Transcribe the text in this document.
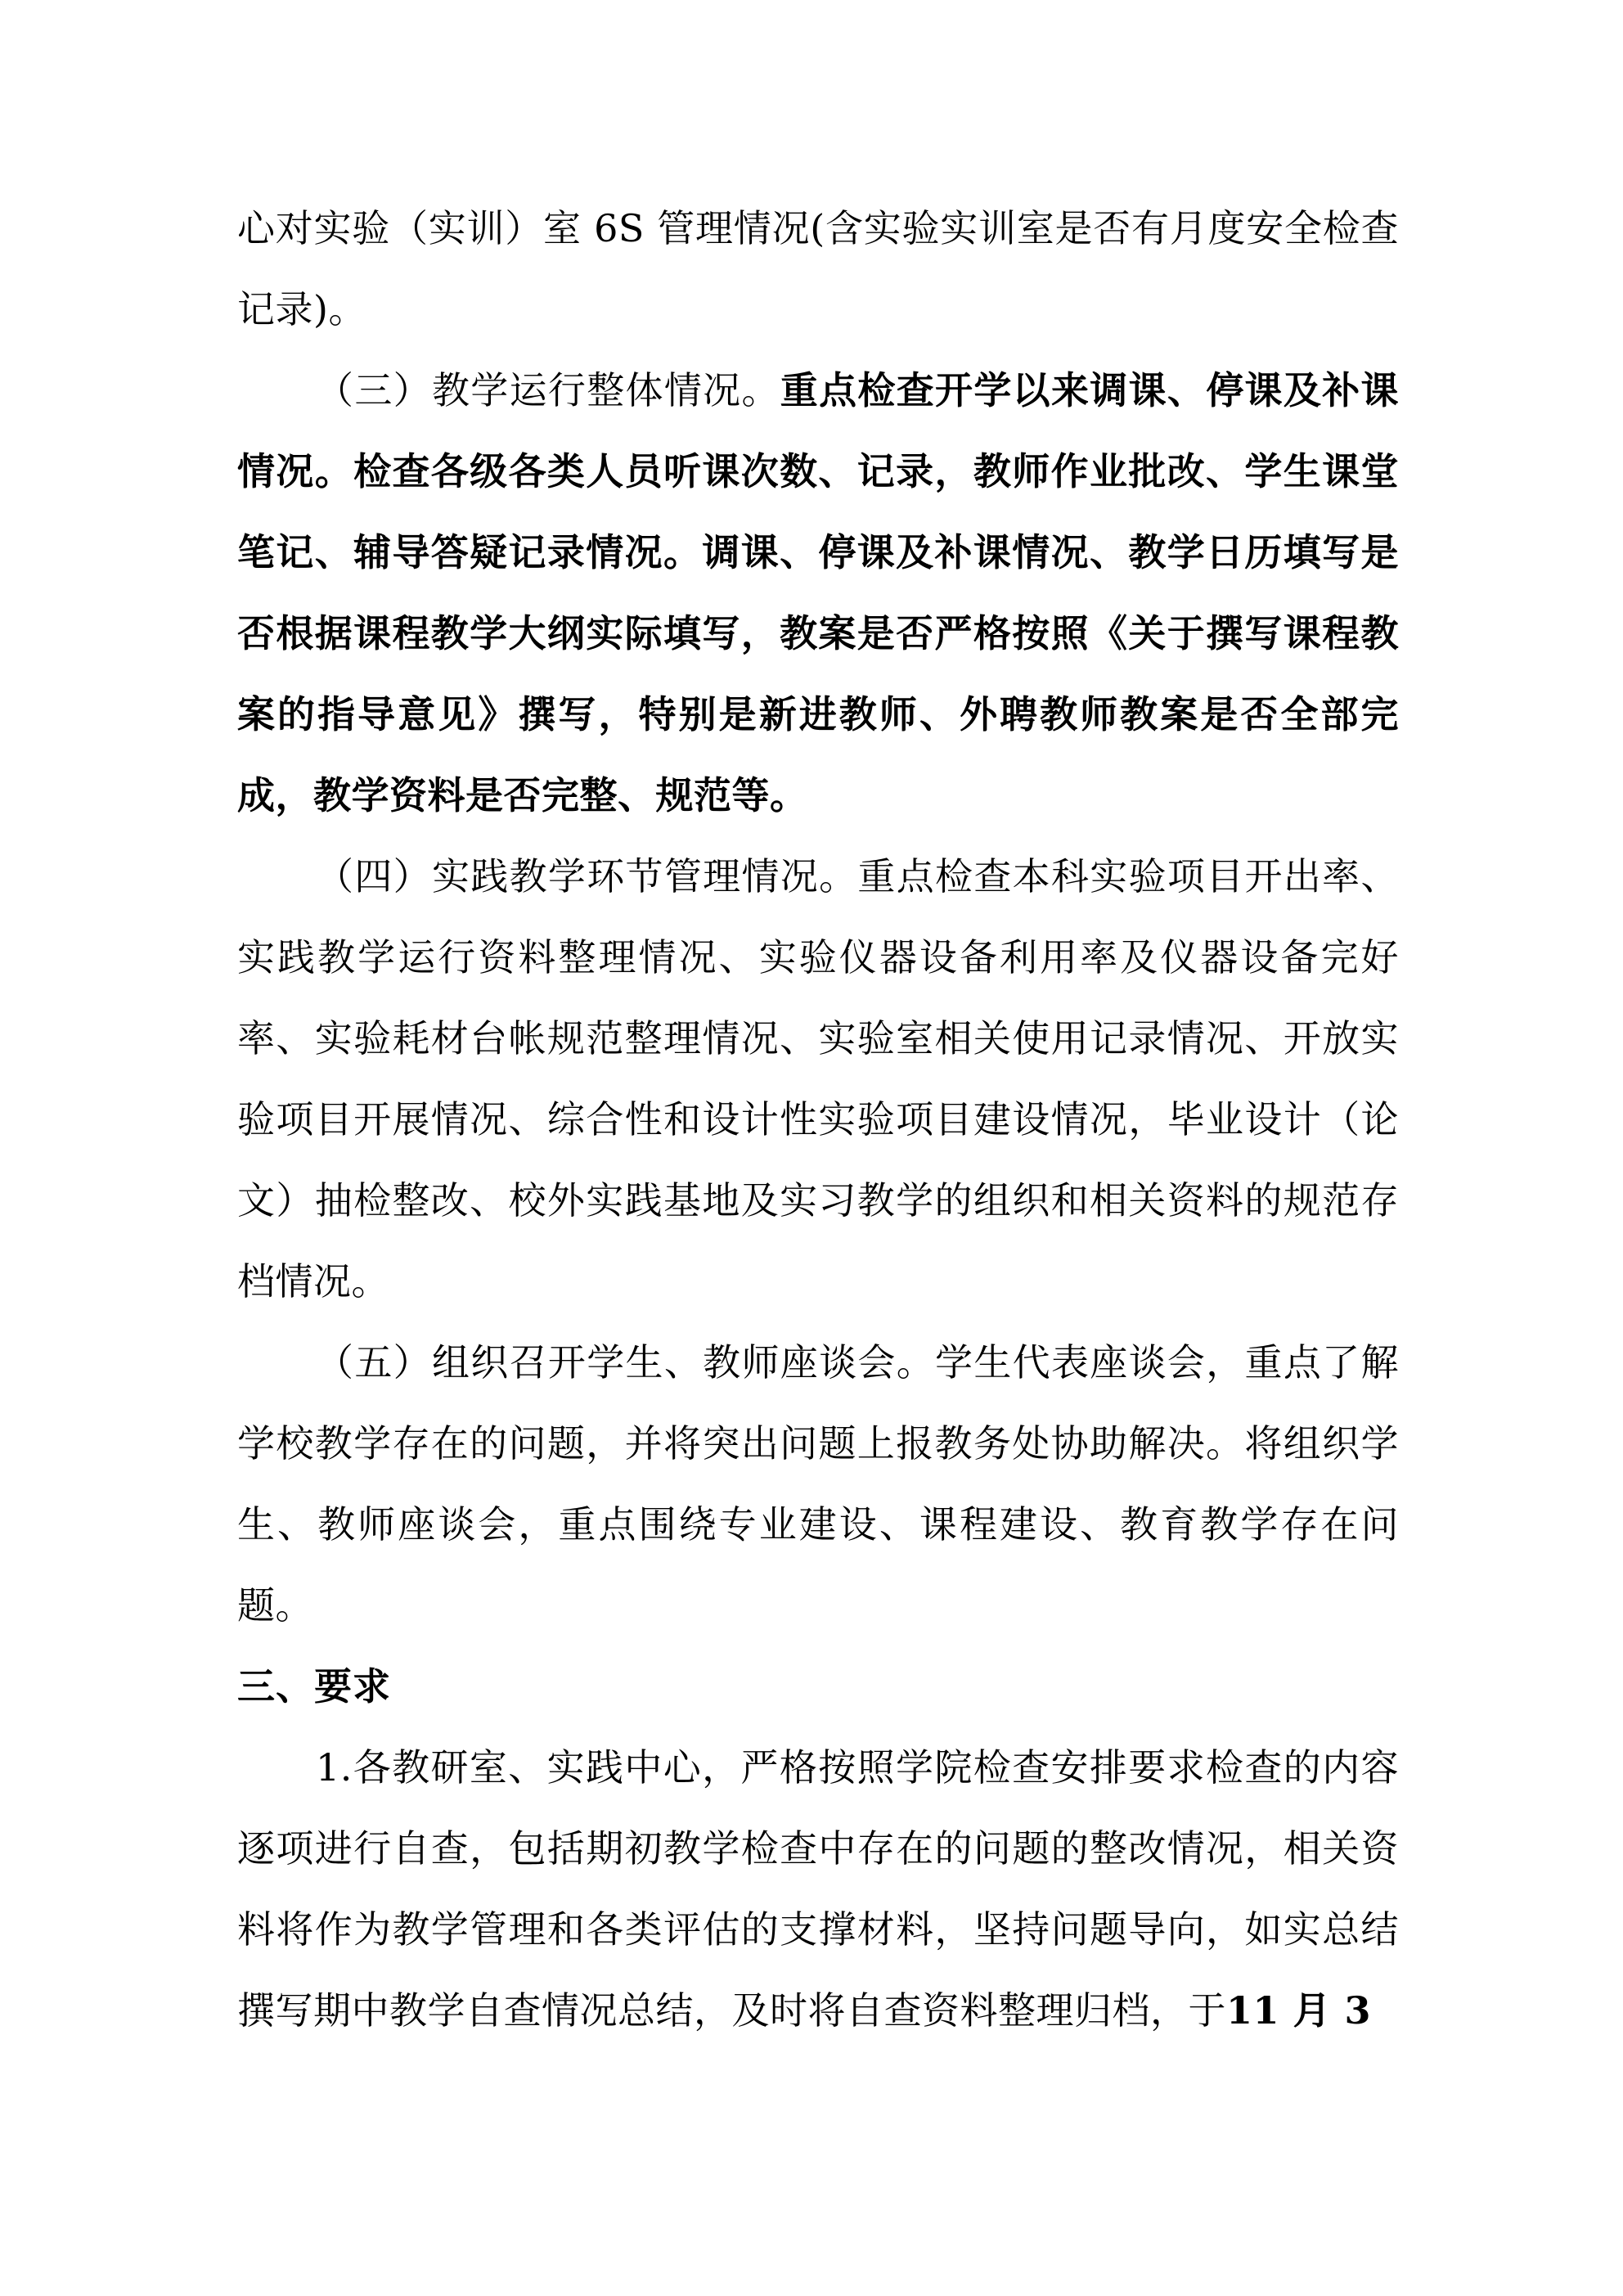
心对实验（实训）室 6S 管理情况(含实验实训室是否有月度安全检查记录)。

（三）教学运行整体情况。重点检查开学以来调课、停课及补课情况。检查各级各类人员听课次数、记录，教师作业批改、学生课堂笔记、辅导答疑记录情况。调课、停课及补课情况、教学日历填写是否根据课程教学大纲实际填写，教案是否严格按照《关于撰写课程教案的指导意见》撰写，特别是新进教师、外聘教师教案是否全部完成，教学资料是否完整、规范等。

（四）实践教学环节管理情况。重点检查本科实验项目开出率、实践教学运行资料整理情况、实验仪器设备利用率及仪器设备完好率、实验耗材台帐规范整理情况、实验室相关使用记录情况、开放实验项目开展情况、综合性和设计性实验项目建设情况，毕业设计（论文）抽检整改、校外实践基地及实习教学的组织和相关资料的规范存档情况。

（五）组织召开学生、教师座谈会。学生代表座谈会，重点了解学校教学存在的问题，并将突出问题上报教务处协助解决。将组织学生、教师座谈会，重点围绕专业建设、课程建设、教育教学存在问题。

三、要求

1.各教研室、实践中心，严格按照学院检查安排要求检查的内容逐项进行自查，包括期初教学检查中存在的问题的整改情况，相关资料将作为教学管理和各类评估的支撑材料，坚持问题导向，如实总结撰写期中教学自查情况总结，及时将自查资料整理归档，于11 月 3
